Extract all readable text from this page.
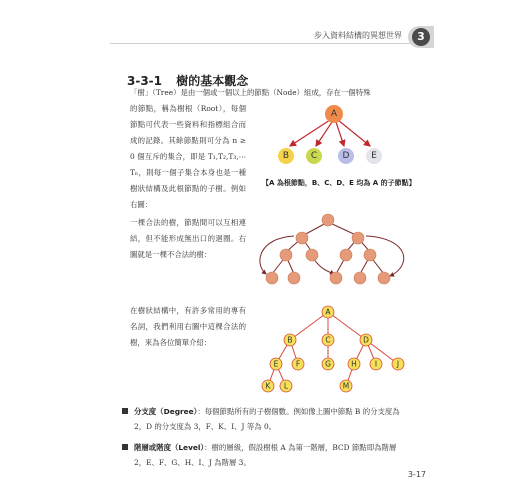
步入資料結構的異想世界	3
3-3-1 樹的基本觀念
「樹」（Tree）是由一個或一個以上的節點（Node）組成，存在一個特殊
的節點，稱為樹根（Root），每個節點可代表一些資料和指標組合而成的記錄。其餘節點則可分為 n ≥ 0 個互斥的集合，即是 T₁,T₂,T₃,⋯Tₙ，則每一個子集合本身也是一種樹狀結構及此根節點的子樹。例如右圖：
A
B C	D E
【A 為根節點，B、C、D、E 均為 A 的子節點】
一棵合法的樹，節點間可以互相連結，但不能形成無出口的迴圈。右圖就是一棵不合法的樹：
在樹狀結構中，有許多常用的專有名詞，我們利用右圖中這棵合法的樹，來為各位簡單介紹：
A
B	C	D
E F	G	H I	J
K L	M
分支度（Degree）：每個節點所有的子樹個數。例如像上圖中節點 B 的分支度為 2，D 的分支度為 3，F、K、I、J 等為 0。
階層或階度（Level）：樹的層級，假設樹根 A 為第一階層，BCD 節點即為階層 2，E、F、G、H、I、J 為階層 3。
3-17
